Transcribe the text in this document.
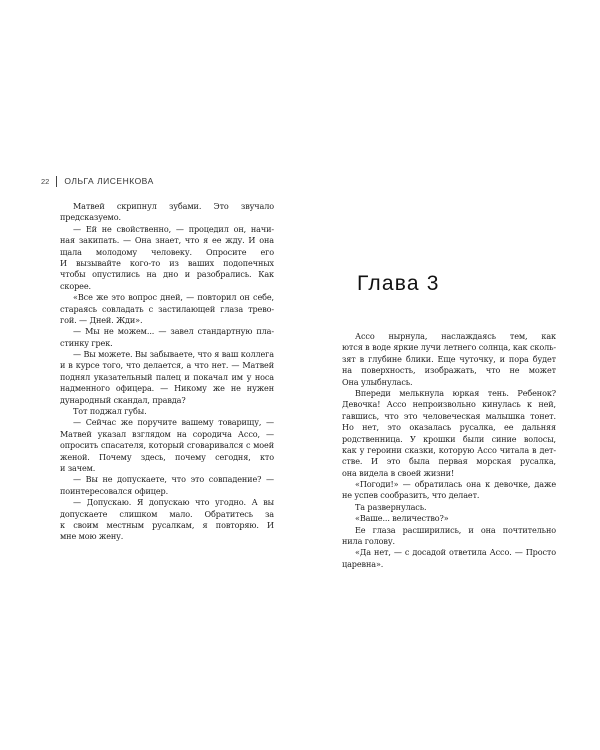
22 ОЛЬГА ЛИСЕНКОВА
Матвей скрипнул зубами. Это звучало
предсказуемо.
— Ей не свойственно, — процедил он, начи-
ная закипать. — Она знает, что я ее жду. И она
щала молодому человеку. Опросите его
И вызывайте кого-то из ваших подопечных
чтобы опустились на дно и разобрались. Как
скорее.
«Все же это вопрос дней, — повторил он себе,
стараясь совладать с застилающей глаза трево-
гой. — Дней. Жди».
— Мы не можем... — завел стандартную пла-
стинку грек.
— Вы можете. Вы забываете, что я ваш коллега
и в курсе того, что делается, а что нет. — Матвей
поднял указательный палец и покачал им у носа
надменного офицера. — Никому же не нужен
дународный скандал, правда?
Тот поджал губы.
— Сейчас же поручите вашему товарищу, —
Матвей указал взглядом на сородича Ассо, —
опросить спасателя, который сговаривался с моей
женой. Почему здесь, почему сегодня, кто
и зачем.
— Вы не допускаете, что это совпадение? —
поинтересовался офицер.
— Допускаю. Я допускаю что угодно. А вы
допускаете слишком мало. Обратитесь за
к своим местным русалкам, я повторяю. И
мне мою жену.
Глава 3
Ассо нырнула, наслаждаясь тем, как
ются в воде яркие лучи летнего солнца, как сколь-
зят в глубине блики. Еще чуточку, и пора будет
на поверхность, изображать, что не может
Она улыбнулась.
Впереди мелькнула юркая тень. Ребенок?
Девочка! Ассо непроизвольно кинулась к ней,
гавшись, что это человеческая малышка тонет.
Но нет, это оказалась русалка, ее дальняя
родственница. У крошки были синие волосы,
как у героини сказки, которую Ассо читала в дет-
стве. И это была первая морская русалка,
она видела в своей жизни!
«Погоди!» — обратилась она к девочке, даже
не успев сообразить, что делает.
Та развернулась.
«Ваше... величество?»
Ее глаза расширились, и она почтительно
нила голову.
«Да нет, — с досадой ответила Ассо. — Просто
царевна».
